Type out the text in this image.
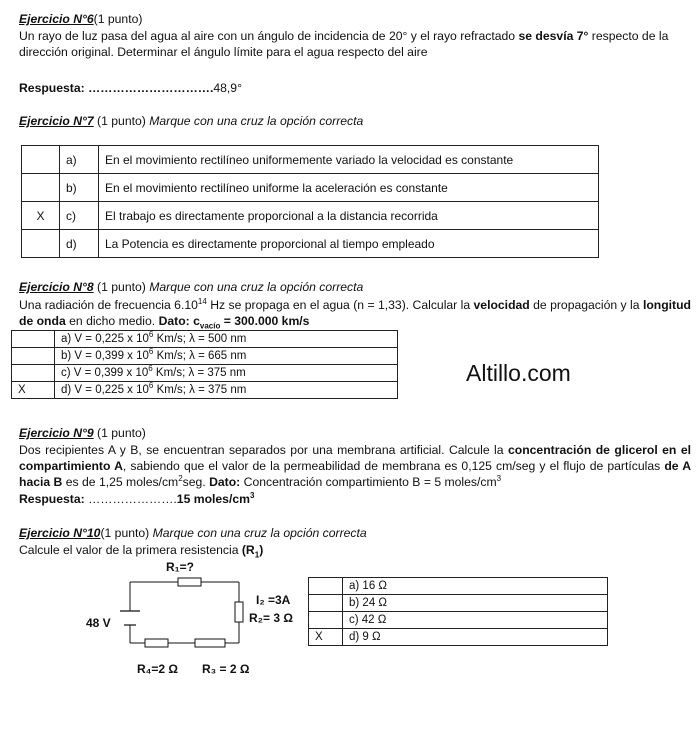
Ejercicio N°6(1 punto)
Un rayo de luz pasa del agua al aire con un ángulo de incidencia de 20° y el rayo refractado se desvía 7° respecto de la dirección original. Determinar el ángulo límite para el agua respecto del aire
Respuesta: ………………………….48,9°
Ejercicio N°7 (1 punto) Marque con una cruz la opción correcta
	a)	En el movimiento rectilíneo uniformemente variado la velocidad es constante
	b)	En el movimiento rectilíneo uniforme la aceleración es constante
X	c)	El trabajo es directamente proporcional a la distancia recorrida
	d)	La Potencia es directamente proporcional al tiempo empleado
Ejercicio N°8 (1 punto) Marque con una cruz la opción correcta
Una radiación de frecuencia 6.10$^{14}$ Hz se propaga en el agua (n = 1,33). Calcular la velocidad de propagación y la longitud de onda en dicho medio. Dato: $c_{vacío} = 300.000$ km/s
	a) V = 0,225 x $10^6$ Km/s; λ = 500 nm
	b) V = 0,399 x $10^6$ Km/s; λ = 665 nm
	c) V = 0,399 x $10^6$ Km/s; λ = 375 nm
X	d) V = 0,225 x $10^6$ Km/s; λ = 375 nm
Altillo.com
Ejercicio N°9 (1 punto)
Dos recipientes A y B, se encuentran separados por una membrana artificial. Calcule la concentración de glicerol en el compartimiento A, sabiendo que el valor de la permeabilidad de membrana es 0,125 cm/seg y el flujo de partículas de A hacia B es de 1,25 moles/$cm^2seg$. Dato: Concentración compartimiento B = 5 moles/$cm^3$
Respuesta: ………………….15 moles/$cm^3$
Ejercicio N°10(1 punto) Marque con una cruz la opción correcta
Calcule el valor de la primera resistencia $(R_1)$
R₁=?
I₂ =3A
R₂= 3 Ω
48 V
R₄=2 Ω R₃ = 2 Ω
	a) 16 Ω
	b) 24 Ω
	c) 42 Ω
X	d) 9 Ω
